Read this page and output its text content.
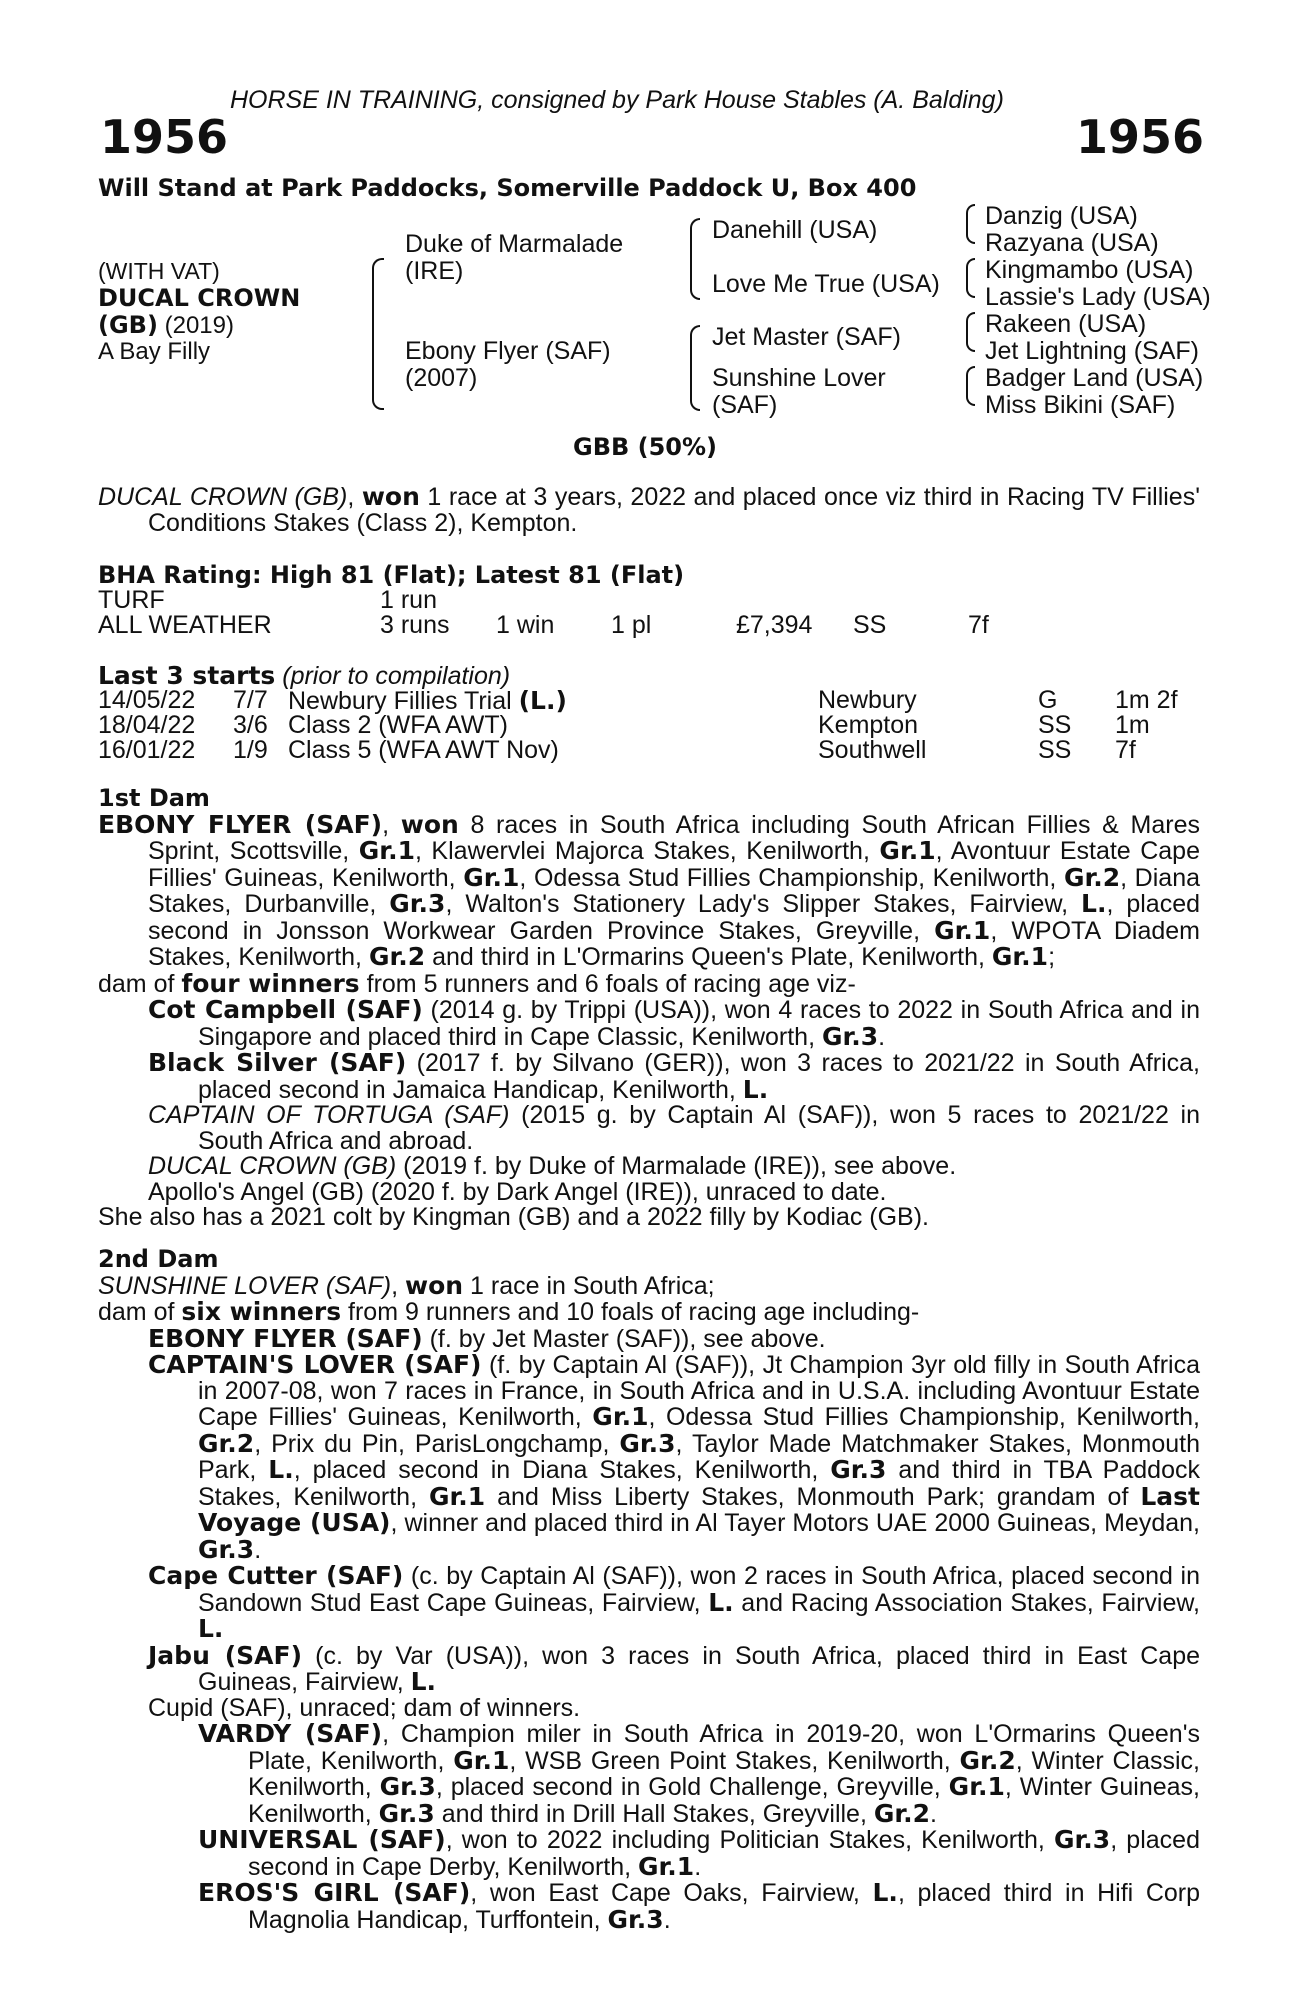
HORSE IN TRAINING, consigned by Park House Stables (A. Balding)
1956	1956
Will Stand at Park Paddocks, Somerville Paddock U, Box 400
(WITH VAT)
DUCAL CROWN
(GB) (2019)
A Bay Filly
Duke of Marmalade
(IRE)
Ebony Flyer (SAF)
(2007)
Danehill (USA)
Love Me True (USA)
Jet Master (SAF)
Sunshine Lover
(SAF)
Danzig (USA)
Razyana (USA)
Kingmambo (USA)
Lassie's Lady (USA)
Rakeen (USA)
Jet Lightning (SAF)
Badger Land (USA)
Miss Bikini (SAF)
GBB (50%)

DUCAL CROWN (GB), won 1 race at 3 years, 2022 and placed once viz third in Racing TV Fillies' Conditions Stakes (Class 2), Kempton.

BHA Rating: High 81 (Flat); Latest 81 (Flat)
TURF	1 run
ALL WEATHER	3 runs 1 win 1 pl	£7,394 SS	7f
Last 3 starts (prior to compilation)
14/05/22 7/7 Newbury Fillies Trial (L.)	Newbury	G 1m 2f
18/04/22 3/6 Class 2 (WFA AWT)	Kempton	SS 1m
16/01/22 1/9 Class 5 (WFA AWT Nov)	Southwell	SS 7f
1st Dam

EBONY FLYER (SAF), won 8 races in South Africa including South African Fillies & Mares Sprint, Scottsville, Gr.1, Klawervlei Majorca Stakes, Kenilworth, Gr.1, Avontuur Estate Cape Fillies' Guineas, Kenilworth, Gr.1, Odessa Stud Fillies Championship, Kenilworth, Gr.2, Diana Stakes, Durbanville, Gr.3, Walton's Stationery Lady's Slipper Stakes, Fairview, L., placed second in Jonsson Workwear Garden Province Stakes, Greyville, Gr.1, WPOTA Diadem Stakes, Kenilworth, Gr.2 and third in L'Ormarins Queen's Plate, Kenilworth, Gr.1;

dam of four winners from 5 runners and 6 foals of racing age viz-

Cot Campbell (SAF) (2014 g. by Trippi (USA)), won 4 races to 2022 in South Africa and in Singapore and placed third in Cape Classic, Kenilworth, Gr.3.

Black Silver (SAF) (2017 f. by Silvano (GER)), won 3 races to 2021/22 in South Africa, placed second in Jamaica Handicap, Kenilworth, L.

CAPTAIN OF TORTUGA (SAF) (2015 g. by Captain Al (SAF)), won 5 races to 2021/22 in South Africa and abroad.

DUCAL CROWN (GB) (2019 f. by Duke of Marmalade (IRE)), see above.

Apollo's Angel (GB) (2020 f. by Dark Angel (IRE)), unraced to date.

She also has a 2021 colt by Kingman (GB) and a 2022 filly by Kodiac (GB).

2nd Dam

SUNSHINE LOVER (SAF), won 1 race in South Africa;

dam of six winners from 9 runners and 10 foals of racing age including-

EBONY FLYER (SAF) (f. by Jet Master (SAF)), see above.

CAPTAIN'S LOVER (SAF) (f. by Captain Al (SAF)), Jt Champion 3yr old filly in South Africa in 2007-08, won 7 races in France, in South Africa and in U.S.A. including Avontuur Estate Cape Fillies' Guineas, Kenilworth, Gr.1, Odessa Stud Fillies Championship, Kenilworth, Gr.2, Prix du Pin, ParisLongchamp, Gr.3, Taylor Made Matchmaker Stakes, Monmouth Park, L., placed second in Diana Stakes, Kenilworth, Gr.3 and third in TBA Paddock Stakes, Kenilworth, Gr.1 and Miss Liberty Stakes, Monmouth Park; grandam of Last Voyage (USA), winner and placed third in Al Tayer Motors UAE 2000 Guineas, Meydan, Gr.3.

Cape Cutter (SAF) (c. by Captain Al (SAF)), won 2 races in South Africa, placed second in Sandown Stud East Cape Guineas, Fairview, L. and Racing Association Stakes, Fairview, L.

Jabu (SAF) (c. by Var (USA)), won 3 races in South Africa, placed third in East Cape Guineas, Fairview, L.

Cupid (SAF), unraced; dam of winners.

VARDY (SAF), Champion miler in South Africa in 2019-20, won L'Ormarins Queen's Plate, Kenilworth, Gr.1, WSB Green Point Stakes, Kenilworth, Gr.2, Winter Classic, Kenilworth, Gr.3, placed second in Gold Challenge, Greyville, Gr.1, Winter Guineas, Kenilworth, Gr.3 and third in Drill Hall Stakes, Greyville, Gr.2.

UNIVERSAL (SAF), won to 2022 including Politician Stakes, Kenilworth, Gr.3, placed second in Cape Derby, Kenilworth, Gr.1.

EROS'S GIRL (SAF), won East Cape Oaks, Fairview, L., placed third in Hifi Corp Magnolia Handicap, Turffontein, Gr.3.
